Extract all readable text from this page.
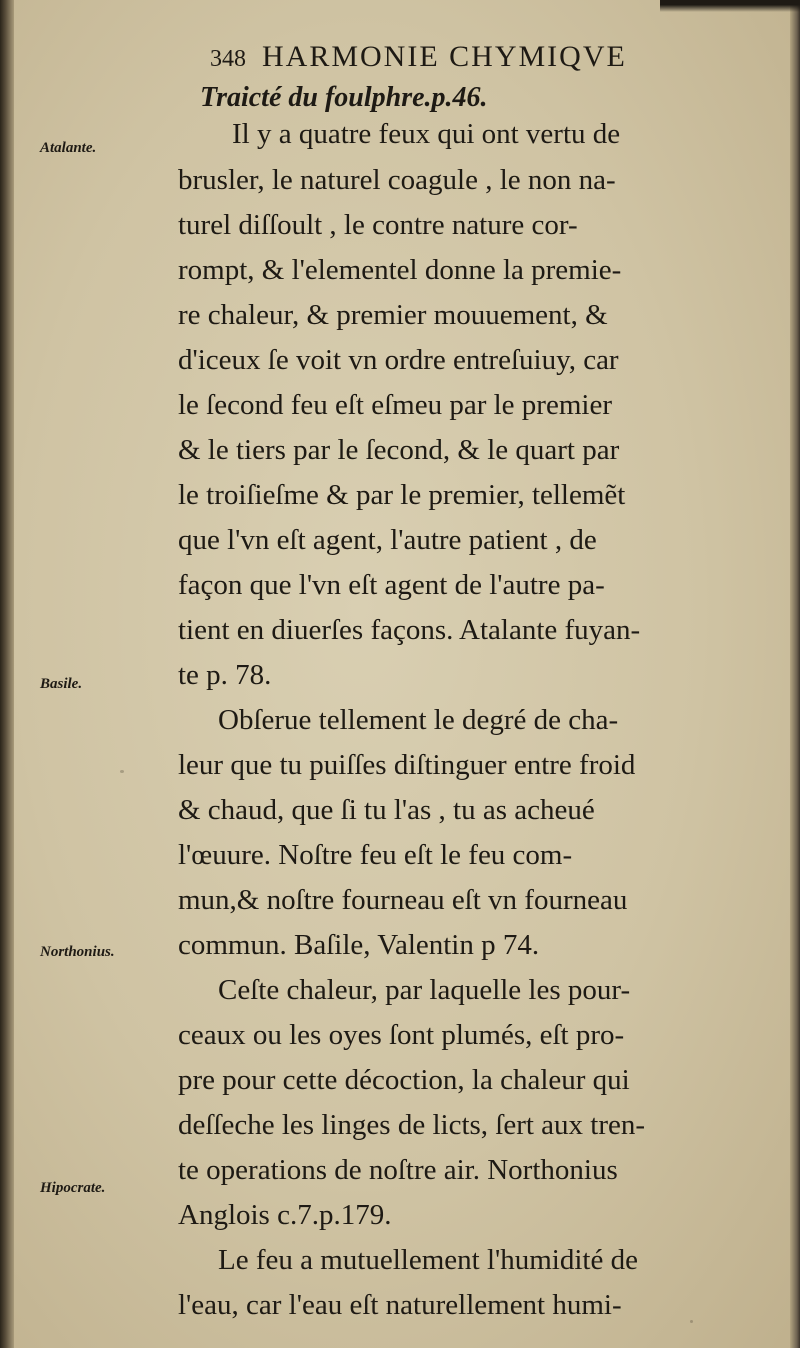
348 HARMONIE CHYMIQVE
Traicté du foulphre.p.46.
Atalante.
Basile.
Northonius.
Hipocrate.
Il y a quatre feux qui ont vertu de
brusler, le naturel coagule , le non na-
turel diſſoult , le contre nature cor-
rompt, & l'elementel donne la premie-
re chaleur, & premier mouuement, &
d'iceux ſe voit vn ordre entreſuiuy, car
le ſecond feu eſt eſmeu par le premier
& le tiers par le ſecond, & le quart par
le troiſieſme & par le premier, tellemẽt
que l'vn eſt agent, l'autre patient , de
façon que l'vn eſt agent de l'autre pa-
tient en diuerſes façons. Atalante fuyan-
te p. 78.
Obſerue tellement le degré de cha-
leur que tu puiſſes diſtinguer entre froid
& chaud, que ſi tu l'as , tu as acheué
l'œuure. Noſtre feu eſt le feu com-
mun,& noſtre fourneau eſt vn fourneau
commun. Baſile, Valentin p 74.
Ceſte chaleur, par laquelle les pour-
ceaux ou les oyes ſont plumés, eſt pro-
pre pour cette décoction, la chaleur qui
deſſeche les linges de licts, ſert aux tren-
te operations de noſtre air. Northonius
Anglois c.7.p.179.
Le feu a mutuellement l'humidité de
l'eau, car l'eau eſt naturellement humi-
